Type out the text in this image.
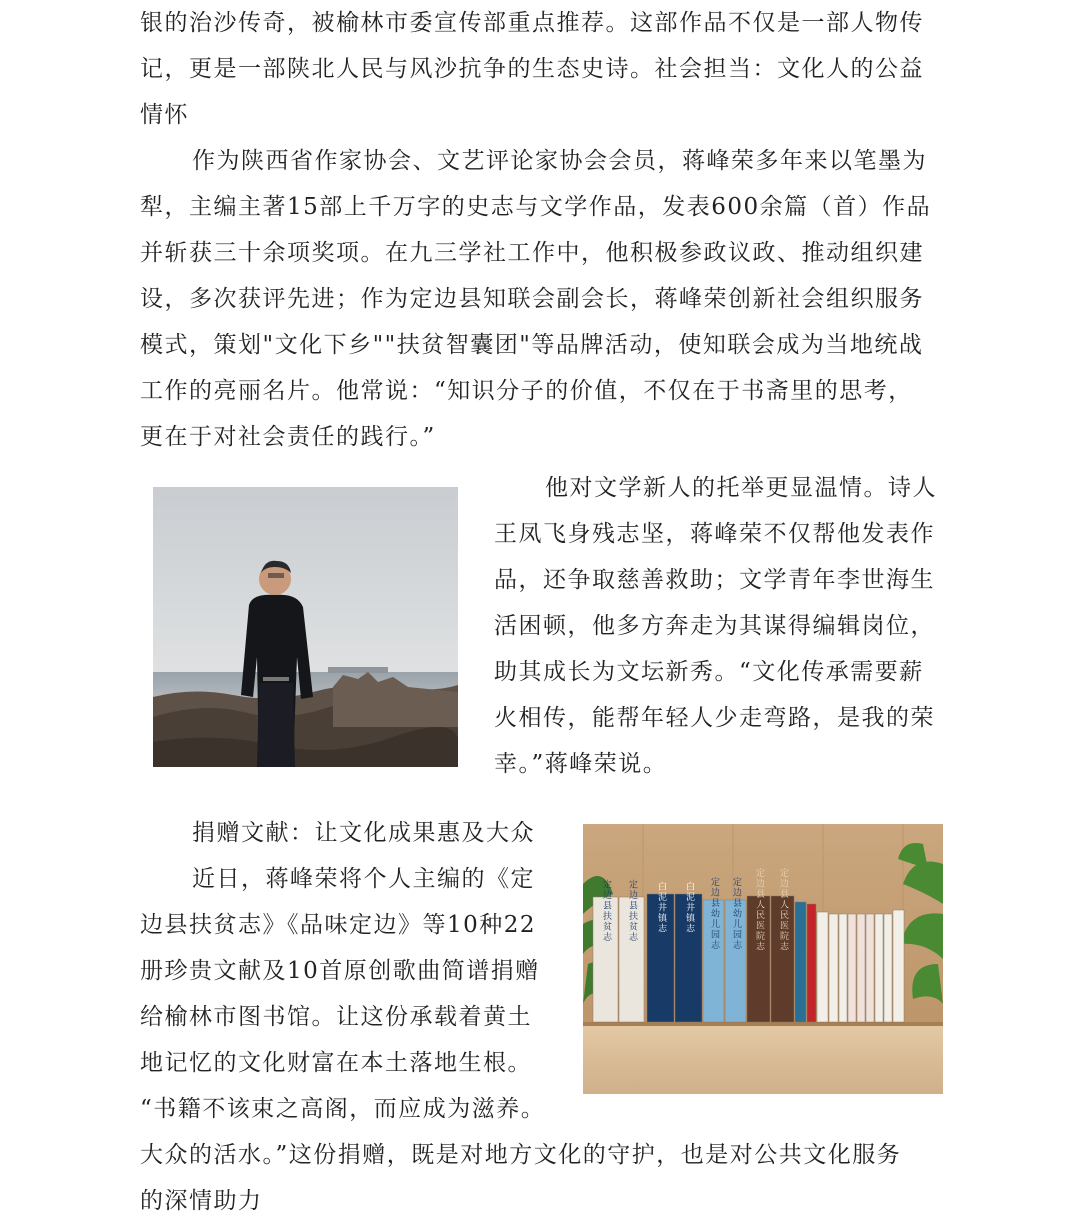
银的治沙传奇，被榆林市委宣传部重点推荐。这部作品不仅是一部人物传
记，更是一部陕北人民与风沙抗争的生态史诗。社会担当：文化人的公益
情怀
作为陕西省作家协会、文艺评论家协会会员，蒋峰荣多年来以笔墨为
犁，主编主著15部上千万字的史志与文学作品，发表600余篇（首）作品
并斩获三十余项奖项。在九三学社工作中，他积极参政议政、推动组织建
设，多次获评先进；作为定边县知联会副会长，蒋峰荣创新社会组织服务
模式，策划"文化下乡""扶贫智囊团"等品牌活动，使知联会成为当地统战
工作的亮丽名片。他常说：“知识分子的价值，不仅在于书斋里的思考，
更在于对社会责任的践行。”
他对文学新人的托举更显温情。诗人
王凤飞身残志坚，蒋峰荣不仅帮他发表作
品，还争取慈善救助；文学青年李世海生
活困顿，他多方奔走为其谋得编辑岗位，
助其成长为文坛新秀。“文化传承需要薪
火相传，能帮年轻人少走弯路，是我的荣
幸。”蒋峰荣说。
捐赠文献：让文化成果惠及大众
近日，蒋峰荣将个人主编的《定
边县扶贫志》《品味定边》等10种22
册珍贵文献及10首原创歌曲简谱捐赠
给榆林市图书馆。让这份承载着黄土
地记忆的文化财富在本土落地生根。
“书籍不该束之高阁，而应成为滋养。
大众的活水。”这份捐赠，既是对地方文化的守护，也是对公共文化服务
的深情助力
定边县扶贫志 定边县扶贫志 白泥井镇志 白泥井镇志 定边县幼儿园志 定边县幼儿园志 定边县人民医院志 定边县人民医院志
